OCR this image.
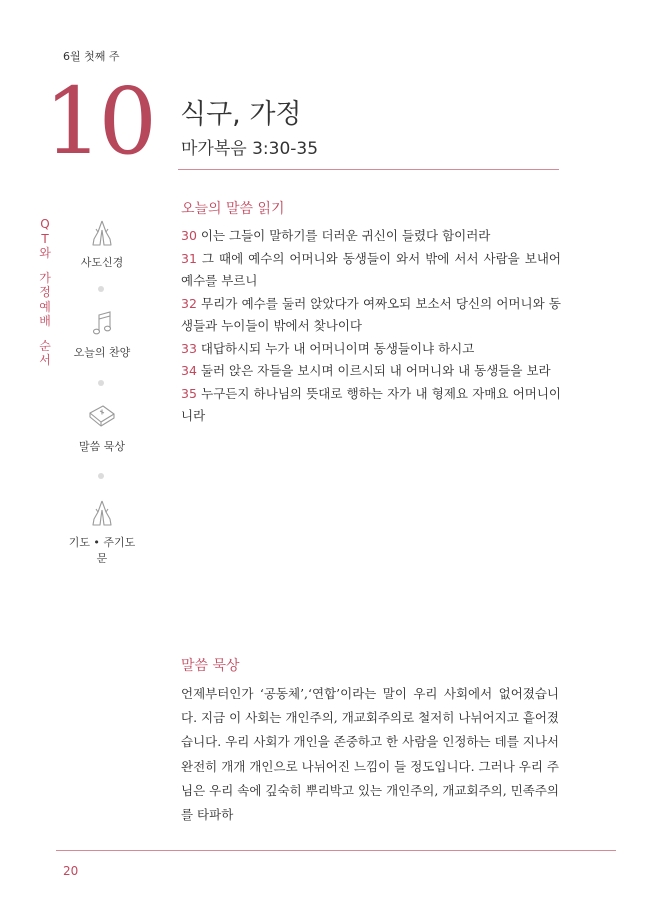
6월 첫째 주
10 식구, 가정
마가복음 3:30-35
Q
T
와
가
정
예
배
순
서
사도신경
오늘의 찬양
말씀 묵상
기도 • 주기도문
오늘의 말씀 읽기
30 이는 그들이 말하기를 더러운 귀신이 들렸다 함이러라
31 그 때에 예수의 어머니와 동생들이 와서 밖에 서서 사람을 보내어 예수를 부르니
32 무리가 예수를 둘러 앉았다가 여짜오되 보소서 당신의 어머니와 동생들과 누이들이 밖에서 찾나이다
33 대답하시되 누가 내 어머니이며 동생들이냐 하시고
34 둘러 앉은 자들을 보시며 이르시되 내 어머니와 내 동생들을 보라
35 누구든지 하나님의 뜻대로 행하는 자가 내 형제요 자매요 어머니이니라
말씀 묵상
언제부터인가 ‘공동체’,‘연합’이라는 말이 우리 사회에서 없어졌습니다. 지금 이 사회는 개인주의, 개교회주의로 철저히 나뉘어지고 흩어졌습니다. 우리 사회가 개인을 존중하고 한 사람을 인정하는 데를 지나서 완전히 개개 개인으로 나뉘어진 느낌이 들 정도입니다. 그러나 우리 주님은 우리 속에 깊숙히 뿌리박고 있는 개인주의, 개교회주의, 민족주의를 타파하
20
